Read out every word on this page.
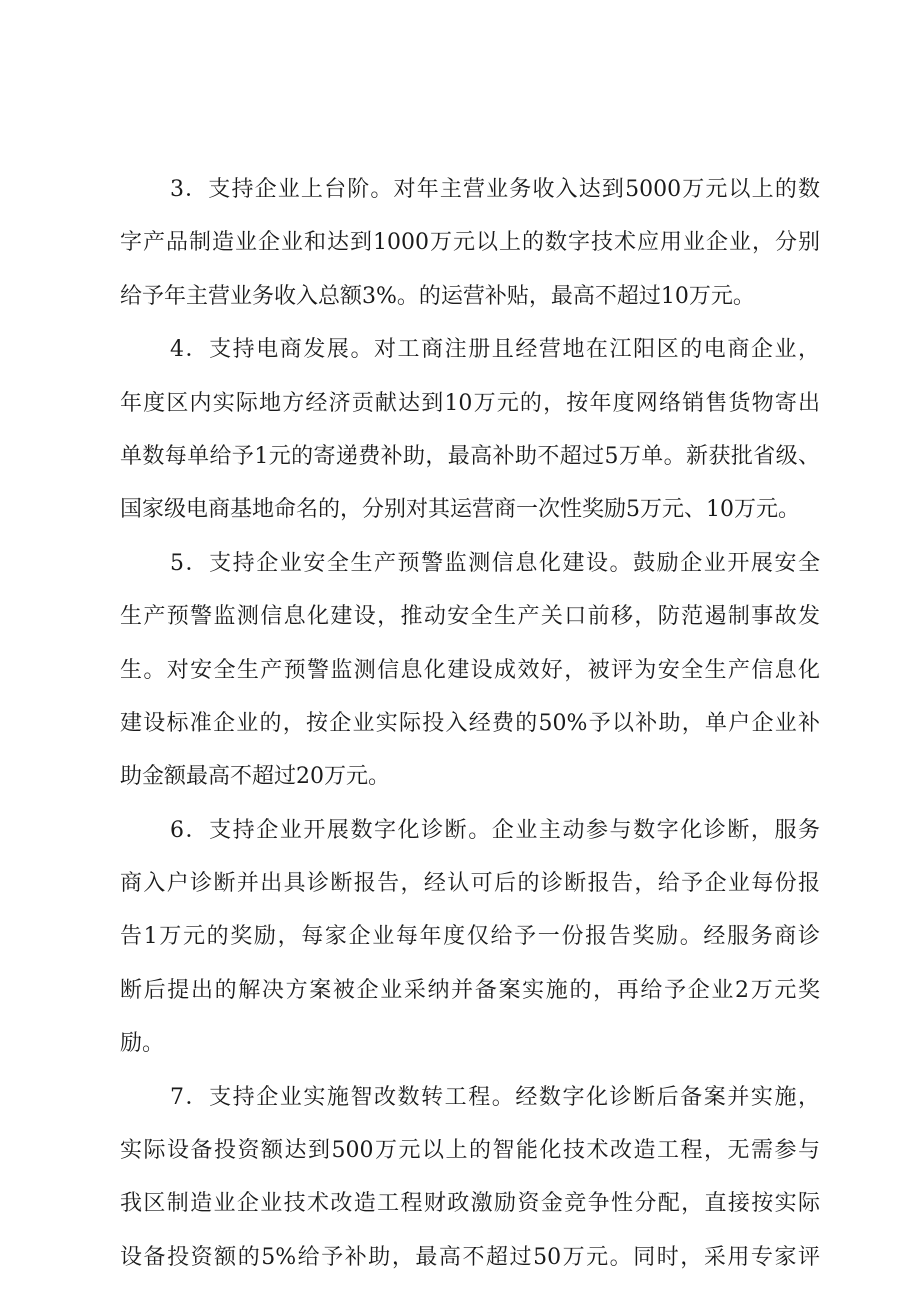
3．支持企业上台阶。对年主营业务收入达到5000万元以上的数
字产品制造业企业和达到1000万元以上的数字技术应用业企业，分别
给予年主营业务收入总额3%。的运营补贴，最高不超过10万元。
4．支持电商发展。对工商注册且经营地在江阳区的电商企业，
年度区内实际地方经济贡献达到10万元的，按年度网络销售货物寄出
单数每单给予1元的寄递费补助，最高补助不超过5万单。新获批省级、
国家级电商基地命名的，分别对其运营商一次性奖励5万元、10万元。
5．支持企业安全生产预警监测信息化建设。鼓励企业开展安全
生产预警监测信息化建设，推动安全生产关口前移，防范遏制事故发
生。对安全生产预警监测信息化建设成效好，被评为安全生产信息化
建设标准企业的，按企业实际投入经费的50%予以补助，单户企业补
助金额最高不超过20万元。
6．支持企业开展数字化诊断。企业主动参与数字化诊断，服务
商入户诊断并出具诊断报告，经认可后的诊断报告，给予企业每份报
告1万元的奖励，每家企业每年度仅给予一份报告奖励。经服务商诊
断后提出的解决方案被企业采纳并备案实施的，再给予企业2万元奖
励。
7．支持企业实施智改数转工程。经数字化诊断后备案并实施，
实际设备投资额达到500万元以上的智能化技术改造工程，无需参与
我区制造业企业技术改造工程财政激励资金竞争性分配，直接按实际
设备投资额的5%给予补助，最高不超过50万元。同时，采用专家评
